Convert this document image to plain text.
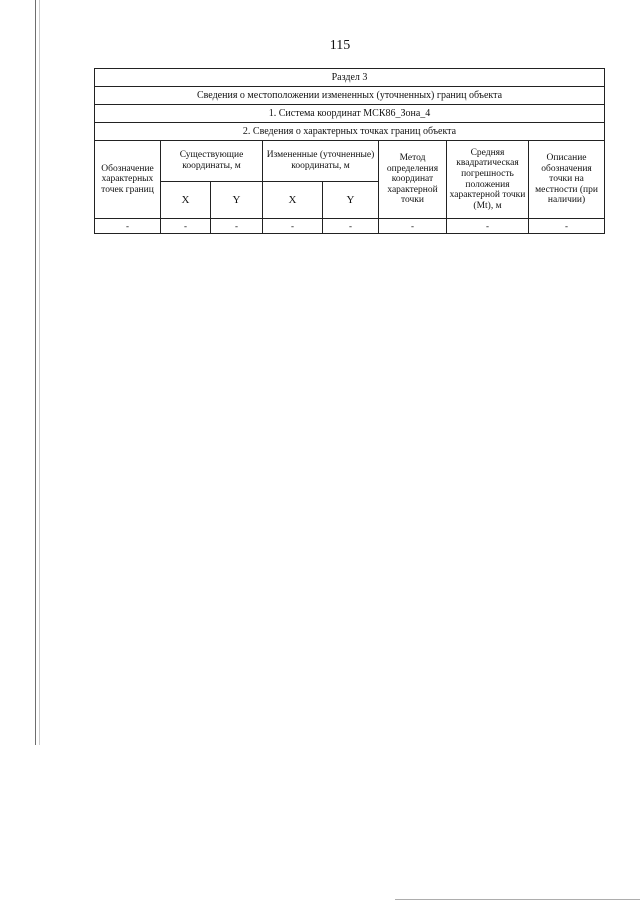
115
Раздел 3							
Сведения о местоположении измененных (уточненных) границ объекта							
1. Система координат МСК86_Зона_4							
2. Сведения о характерных точках границ объекта							
Обозначение характерных точек границ	Существующие координаты, м		Измененные (уточненные) координаты, м		Метод определения координат характерной точки	Средняя квадратическая погрешность положения характерной точки (Mt), м	Описание обозначения точки на местности (при наличии)
	X	Y	X	Y			
-	-	-	-	-	-	-	-
